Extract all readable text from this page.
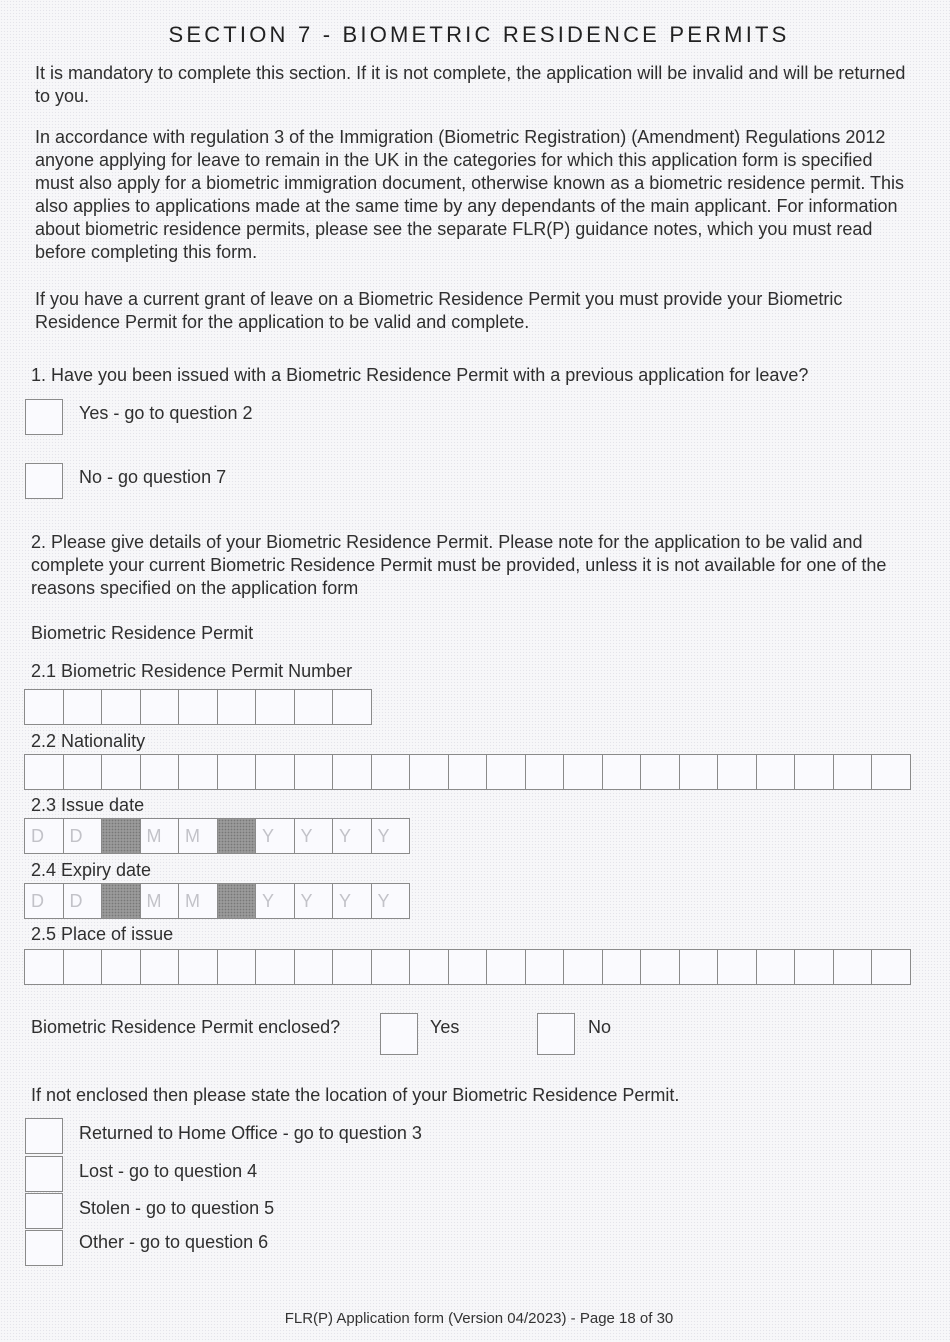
SECTION 7 - BIOMETRIC RESIDENCE PERMITS
It is mandatory to complete this section. If it is not complete, the application will be invalid and will be returned to you.
In accordance with regulation 3 of the Immigration (Biometric Registration) (Amendment) Regulations 2012 anyone applying for leave to remain in the UK in the categories for which this application form is specified must also apply for a biometric immigration document, otherwise known as a biometric residence permit. This also applies to applications made at the same time by any dependants of the main applicant. For information about biometric residence permits, please see the separate FLR(P) guidance notes, which you must read before completing this form.
If you have a current grant of leave on a Biometric Residence Permit you must provide your Biometric Residence Permit for the application to be valid and complete.
1. Have you been issued with a Biometric Residence Permit with a previous application for leave?
Yes - go to question 2
No - go question 7
2. Please give details of your Biometric Residence Permit. Please note for the application to be valid and complete your current Biometric Residence Permit must be provided, unless it is not available for one of the reasons specified on the application form
Biometric Residence Permit
2.1 Biometric Residence Permit Number
2.2 Nationality
2.3 Issue date
D	D	M	M	Y	Y	Y	Y
2.4 Expiry date
D	D	M	M	Y	Y	Y	Y
2.5 Place of issue
Biometric Residence Permit enclosed?	Yes	No
If not enclosed then please state the location of your Biometric Residence Permit.
Returned to Home Office - go to question 3
Lost - go to question 4
Stolen - go to question 5
Other - go to question 6
FLR(P) Application form (Version 04/2023) - Page 18 of 30
